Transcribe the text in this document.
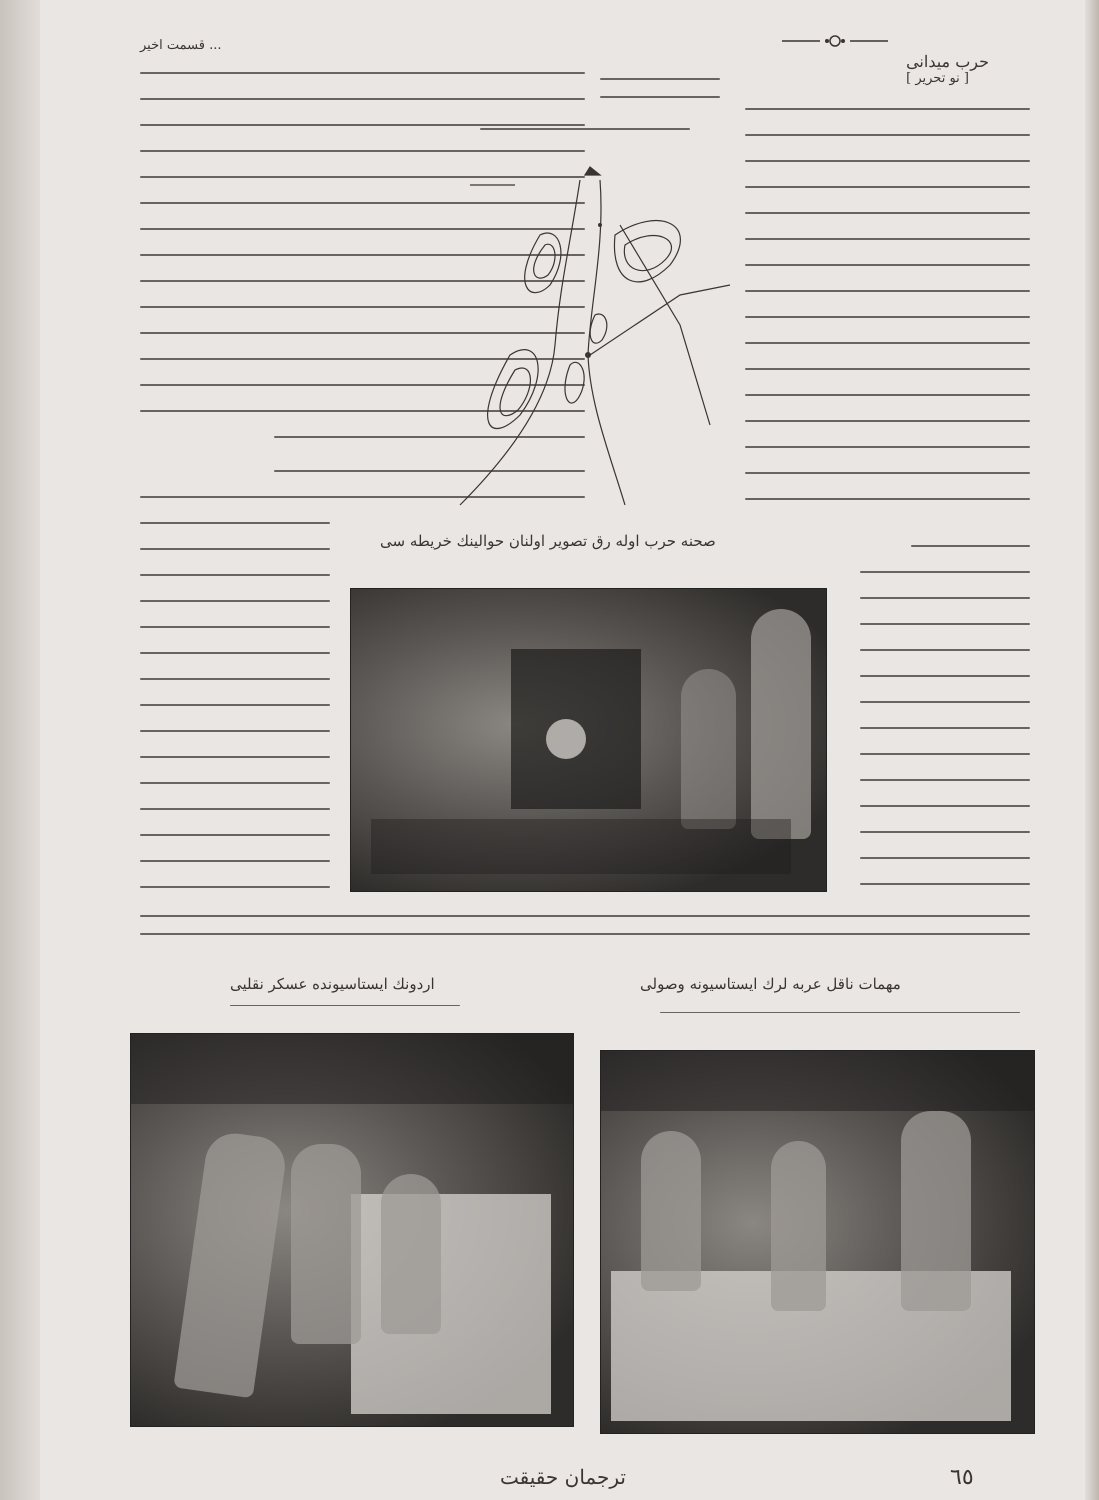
حرب ميدانى
[ نو تحرير ]
... قسمت اخير
صحنه حرب اوله رق تصوير اولنان حوالينك خريطه سى
مهمات ناقل عربه لرك ايستاسيونه وصولى
اردونك ايستاسيونده عسكر نقليى
٦٥
ترجمان حقيقت
